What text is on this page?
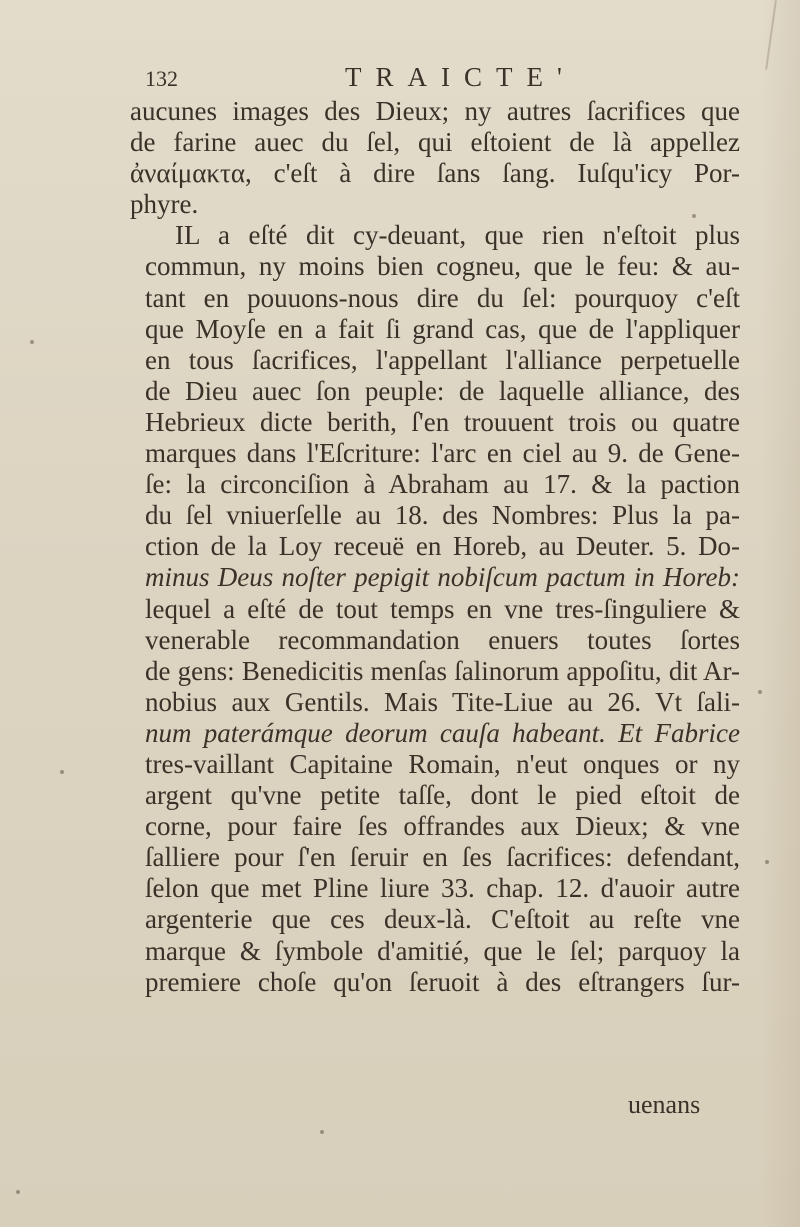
132	TRAICTE'
aucunes images des Dieux; ny autres ſacrifices que
de farine auec du ſel, qui eſtoient de là appellez
ἀναίμακτα, c'eſt à dire ſans ſang. Iuſqu'icy Por-
phyre.
IL a eſté dit cy-deuant, que rien n'eſtoit plus
commun, ny moins bien cogneu, que le feu: & au-
tant en pouuons-nous dire du ſel: pourquoy c'eſt
que Moyſe en a fait ſi grand cas, que de l'appliquer
en tous ſacrifices, l'appellant l'alliance perpetuelle
de Dieu auec ſon peuple: de laquelle alliance, des
Hebrieux dicte berith, ſ'en trouuent trois ou quatre
marques dans l'Eſcriture: l'arc en ciel au 9. de Gene-
ſe: la circonciſion à Abraham au 17. & la paction
du ſel vniuerſelle au 18. des Nombres: Plus la pa-
ction de la Loy receuë en Horeb, au Deuter. 5. Do-
minus Deus noſter pepigit nobiſcum pactum in Horeb:
lequel a eſté de tout temps en vne tres-ſinguliere &
venerable recommandation enuers toutes ſortes
de gens: Benedicitis menſas ſalinorum appoſitu, dit Ar-
nobius aux Gentils. Mais Tite-Liue au 26. Vt ſali-
num paterámque deorum cauſa habeant. Et Fabrice
tres-vaillant Capitaine Romain, n'eut onques or ny
argent qu'vne petite taſſe, dont le pied eſtoit de
corne, pour faire ſes offrandes aux Dieux; & vne
ſalliere pour ſ'en ſeruir en ſes ſacrifices: defendant,
ſelon que met Pline liure 33. chap. 12. d'auoir autre
argenterie que ces deux-là. C'eſtoit au reſte vne
marque & ſymbole d'amitié, que le ſel; parquoy la
premiere choſe qu'on ſeruoit à des eſtrangers ſur-
uenans
